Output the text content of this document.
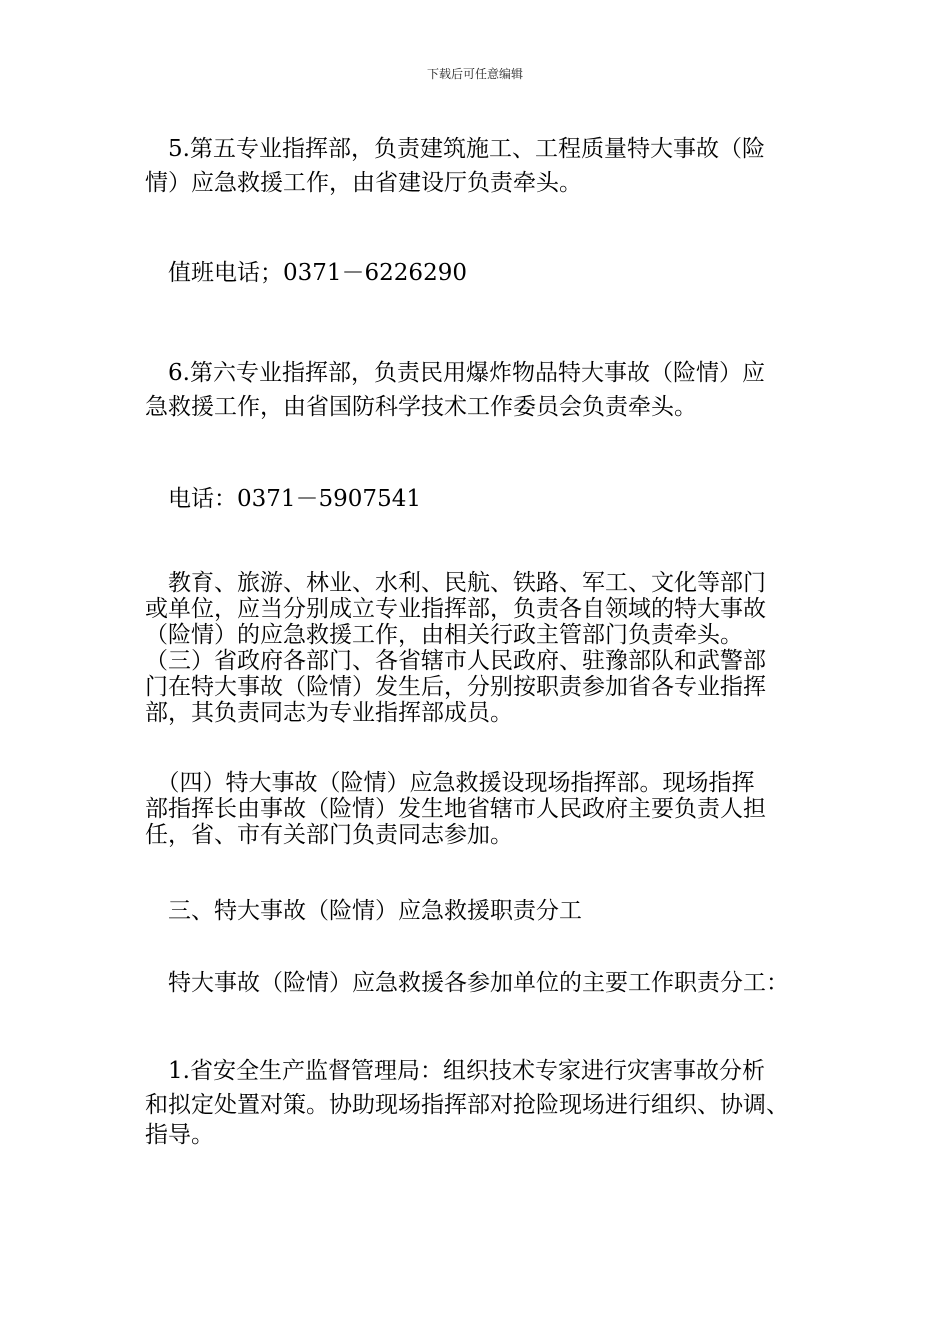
下载后可任意编辑
　5.第五专业指挥部，负责建筑施工、工程质量特大事故（险
情）应急救援工作，由省建设厅负责牵头。
　值班电话；0371－6226290
　6.第六专业指挥部，负责民用爆炸物品特大事故（险情）应
急救援工作，由省国防科学技术工作委员会负责牵头。
　电话：0371－5907541
　教育、旅游、林业、水利、民航、铁路、军工、文化等部门
或单位，应当分别成立专业指挥部，负责各自领域的特大事故
（险情）的应急救援工作，由相关行政主管部门负责牵头。
（三）省政府各部门、各省辖市人民政府、驻豫部队和武警部
门在特大事故（险情）发生后，分别按职责参加省各专业指挥
部，其负责同志为专业指挥部成员。
　（四）特大事故（险情）应急救援设现场指挥部。现场指挥
部指挥长由事故（险情）发生地省辖市人民政府主要负责人担
任，省、市有关部门负责同志参加。
　三、特大事故（险情）应急救援职责分工
　特大事故（险情）应急救援各参加单位的主要工作职责分工：
　1.省安全生产监督管理局：组织技术专家进行灾害事故分析
和拟定处置对策。协助现场指挥部对抢险现场进行组织、协调、
指导。
